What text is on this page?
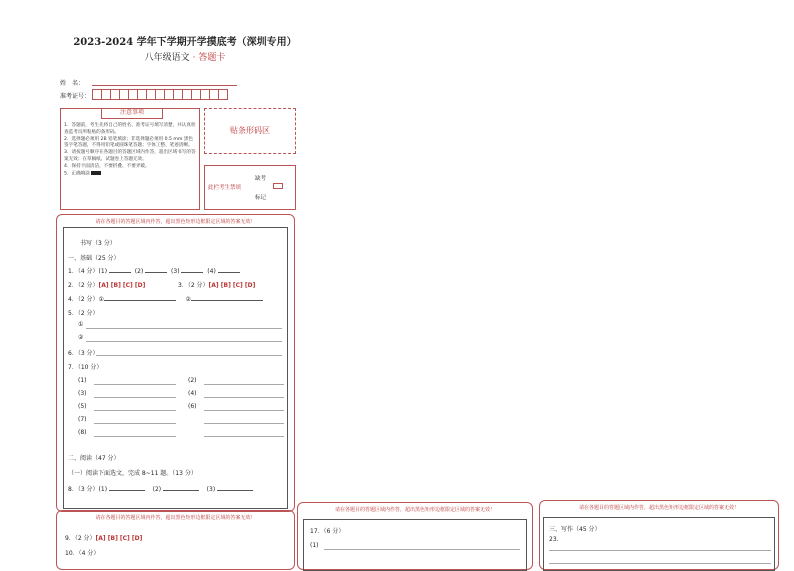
2023-2024 学年下学期开学摸底考（深圳专用）
八年级语文 · 答题卡
姓　名：
准考证号：
注意事项
1．答题前，考生先将自己的姓名、准考证号填写清楚，并认真检查监考员所粘贴的条形码。
2．选择题必须用 2B 铅笔填涂；非选择题必须用 0.5 mm 黑色签字笔答题，不得用铅笔或圆珠笔答题；字体工整、笔迹清晰。
3．请按题号顺序在各题目的答题区域内作答，超出区域书写的答案无效；在草稿纸、试题卷上答题无效。
4．保持卡面清洁，不要折叠、不要弄破。
5．正确填涂
贴条形码区
缺考
此栏考生禁填
标记
请在各题目的答题区域内作答，超出黑色矩形边框限定区域的答案无效！
书写（3 分）
一、基础（25 分）
1．（4 分）(1)	(2)	(3)	(4)
2．（2 分）[A] [B] [C] [D]	3．（2 分）[A] [B] [C] [D]
4．（2 分）①	②
5．（2 分）
①
②
6．（3 分）
7．（10 分）
(1)	(2)
(3)	(4)
(5)	(6)
(7)
(8)
二、阅读（47 分）
（一）阅读下面选文，完成 8~11 题。（13 分）
8．（3 分）(1)	(2)	(3)
请在各题目的答题区域内作答，超出黑色矩形边框限定区域的答案无效！
9．（2 分）[A] [B] [C] [D]
10．（4 分）
请在各题目的答题区域内作答，超出黑色矩形边框限定区域的答案无效！
17．（6 分）
(1)
请在各题目的答题区域内作答，超出黑色矩形边框限定区域的答案无效！
三、写作（45 分）
23.
